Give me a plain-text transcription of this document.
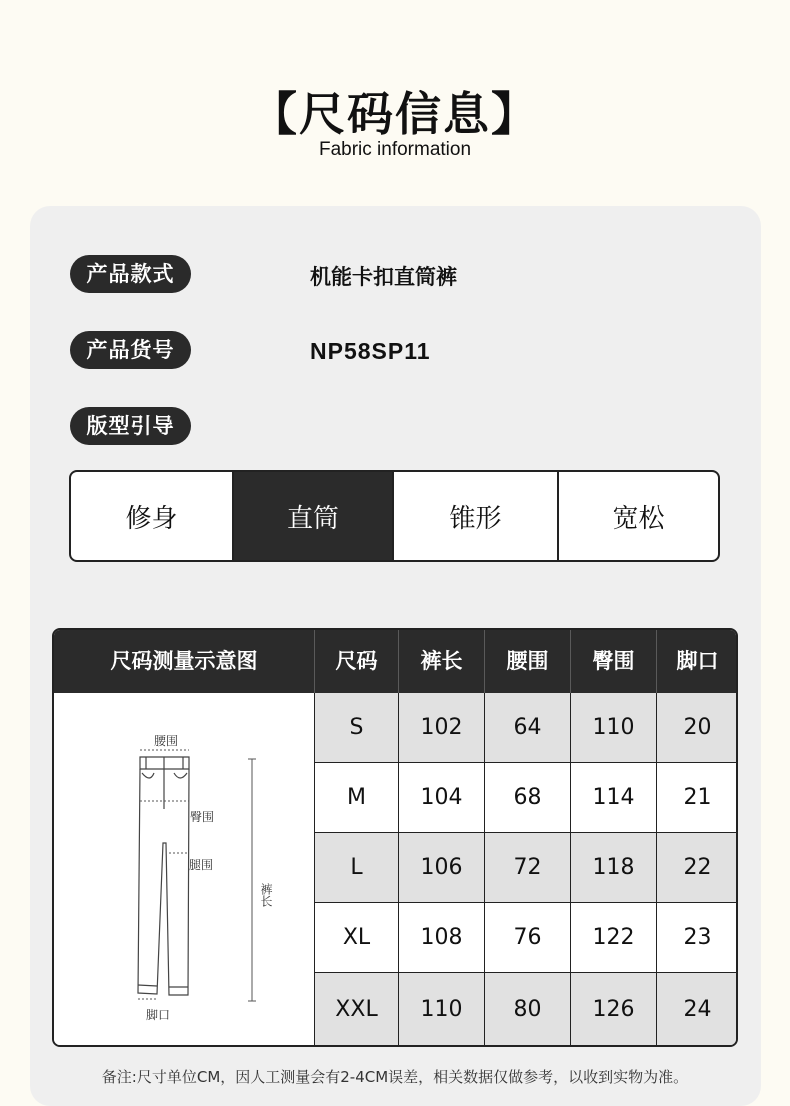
【尺码信息】
Fabric information
产品款式	机能卡扣直筒裤
产品货号	NP58SP11
版型引导
修身	直筒	锥形	宽松
尺码测量示意图	尺码	裤长	腰围	臀围	脚口
腰围
臀围
腿围
脚口
裤长
S	102	64	110	20
M	104	68	114	21
L	106	72	118	22
XL	108	76	122	23
XXL	110	80	126	24
备注:尺寸单位CM，因人工测量会有2-4CM误差，相关数据仅做参考，以收到实物为准。
